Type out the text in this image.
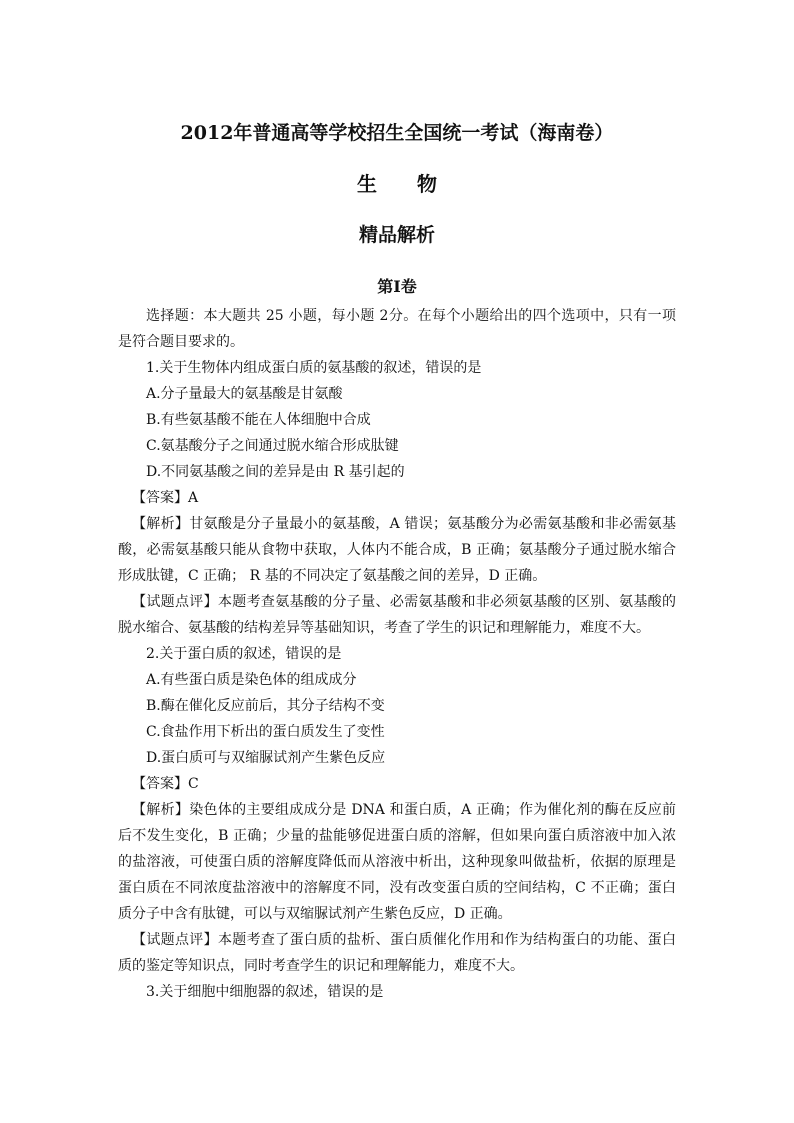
2012年普通高等学校招生全国统一考试（海南卷）
生物
精品解析
第I卷

选择题：本大题共 25 小题，每小题 2分。在每个小题给出的四个选项中，只有一项是符合题目要求的。

1.关于生物体内组成蛋白质的氨基酸的叙述，错误的是

A.分子量最大的氨基酸是甘氨酸

B.有些氨基酸不能在人体细胞中合成

C.氨基酸分子之间通过脱水缩合形成肽键

D.不同氨基酸之间的差异是由 R 基引起的

【答案】A

【解析】甘氨酸是分子量最小的氨基酸，A 错误；氨基酸分为必需氨基酸和非必需氨基酸，必需氨基酸只能从食物中获取，人体内不能合成，B 正确；氨基酸分子通过脱水缩合形成肽键，C 正确； R 基的不同决定了氨基酸之间的差异，D 正确。

【试题点评】本题考查氨基酸的分子量、必需氨基酸和非必须氨基酸的区别、氨基酸的脱水缩合、氨基酸的结构差异等基础知识，考查了学生的识记和理解能力，难度不大。

2.关于蛋白质的叙述，错误的是

A.有些蛋白质是染色体的组成成分

B.酶在催化反应前后，其分子结构不变

C.食盐作用下析出的蛋白质发生了变性

D.蛋白质可与双缩脲试剂产生紫色反应

【答案】C

【解析】染色体的主要组成成分是 DNA 和蛋白质，A 正确；作为催化剂的酶在反应前后不发生变化，B 正确；少量的盐能够促进蛋白质的溶解，但如果向蛋白质溶液中加入浓的盐溶液，可使蛋白质的溶解度降低而从溶液中析出，这种现象叫做盐析，依据的原理是蛋白质在不同浓度盐溶液中的溶解度不同，没有改变蛋白质的空间结构，C 不正确；蛋白质分子中含有肽键，可以与双缩脲试剂产生紫色反应，D 正确。

【试题点评】本题考查了蛋白质的盐析、蛋白质催化作用和作为结构蛋白的功能、蛋白质的鉴定等知识点，同时考查学生的识记和理解能力，难度不大。

3.关于细胞中细胞器的叙述，错误的是
